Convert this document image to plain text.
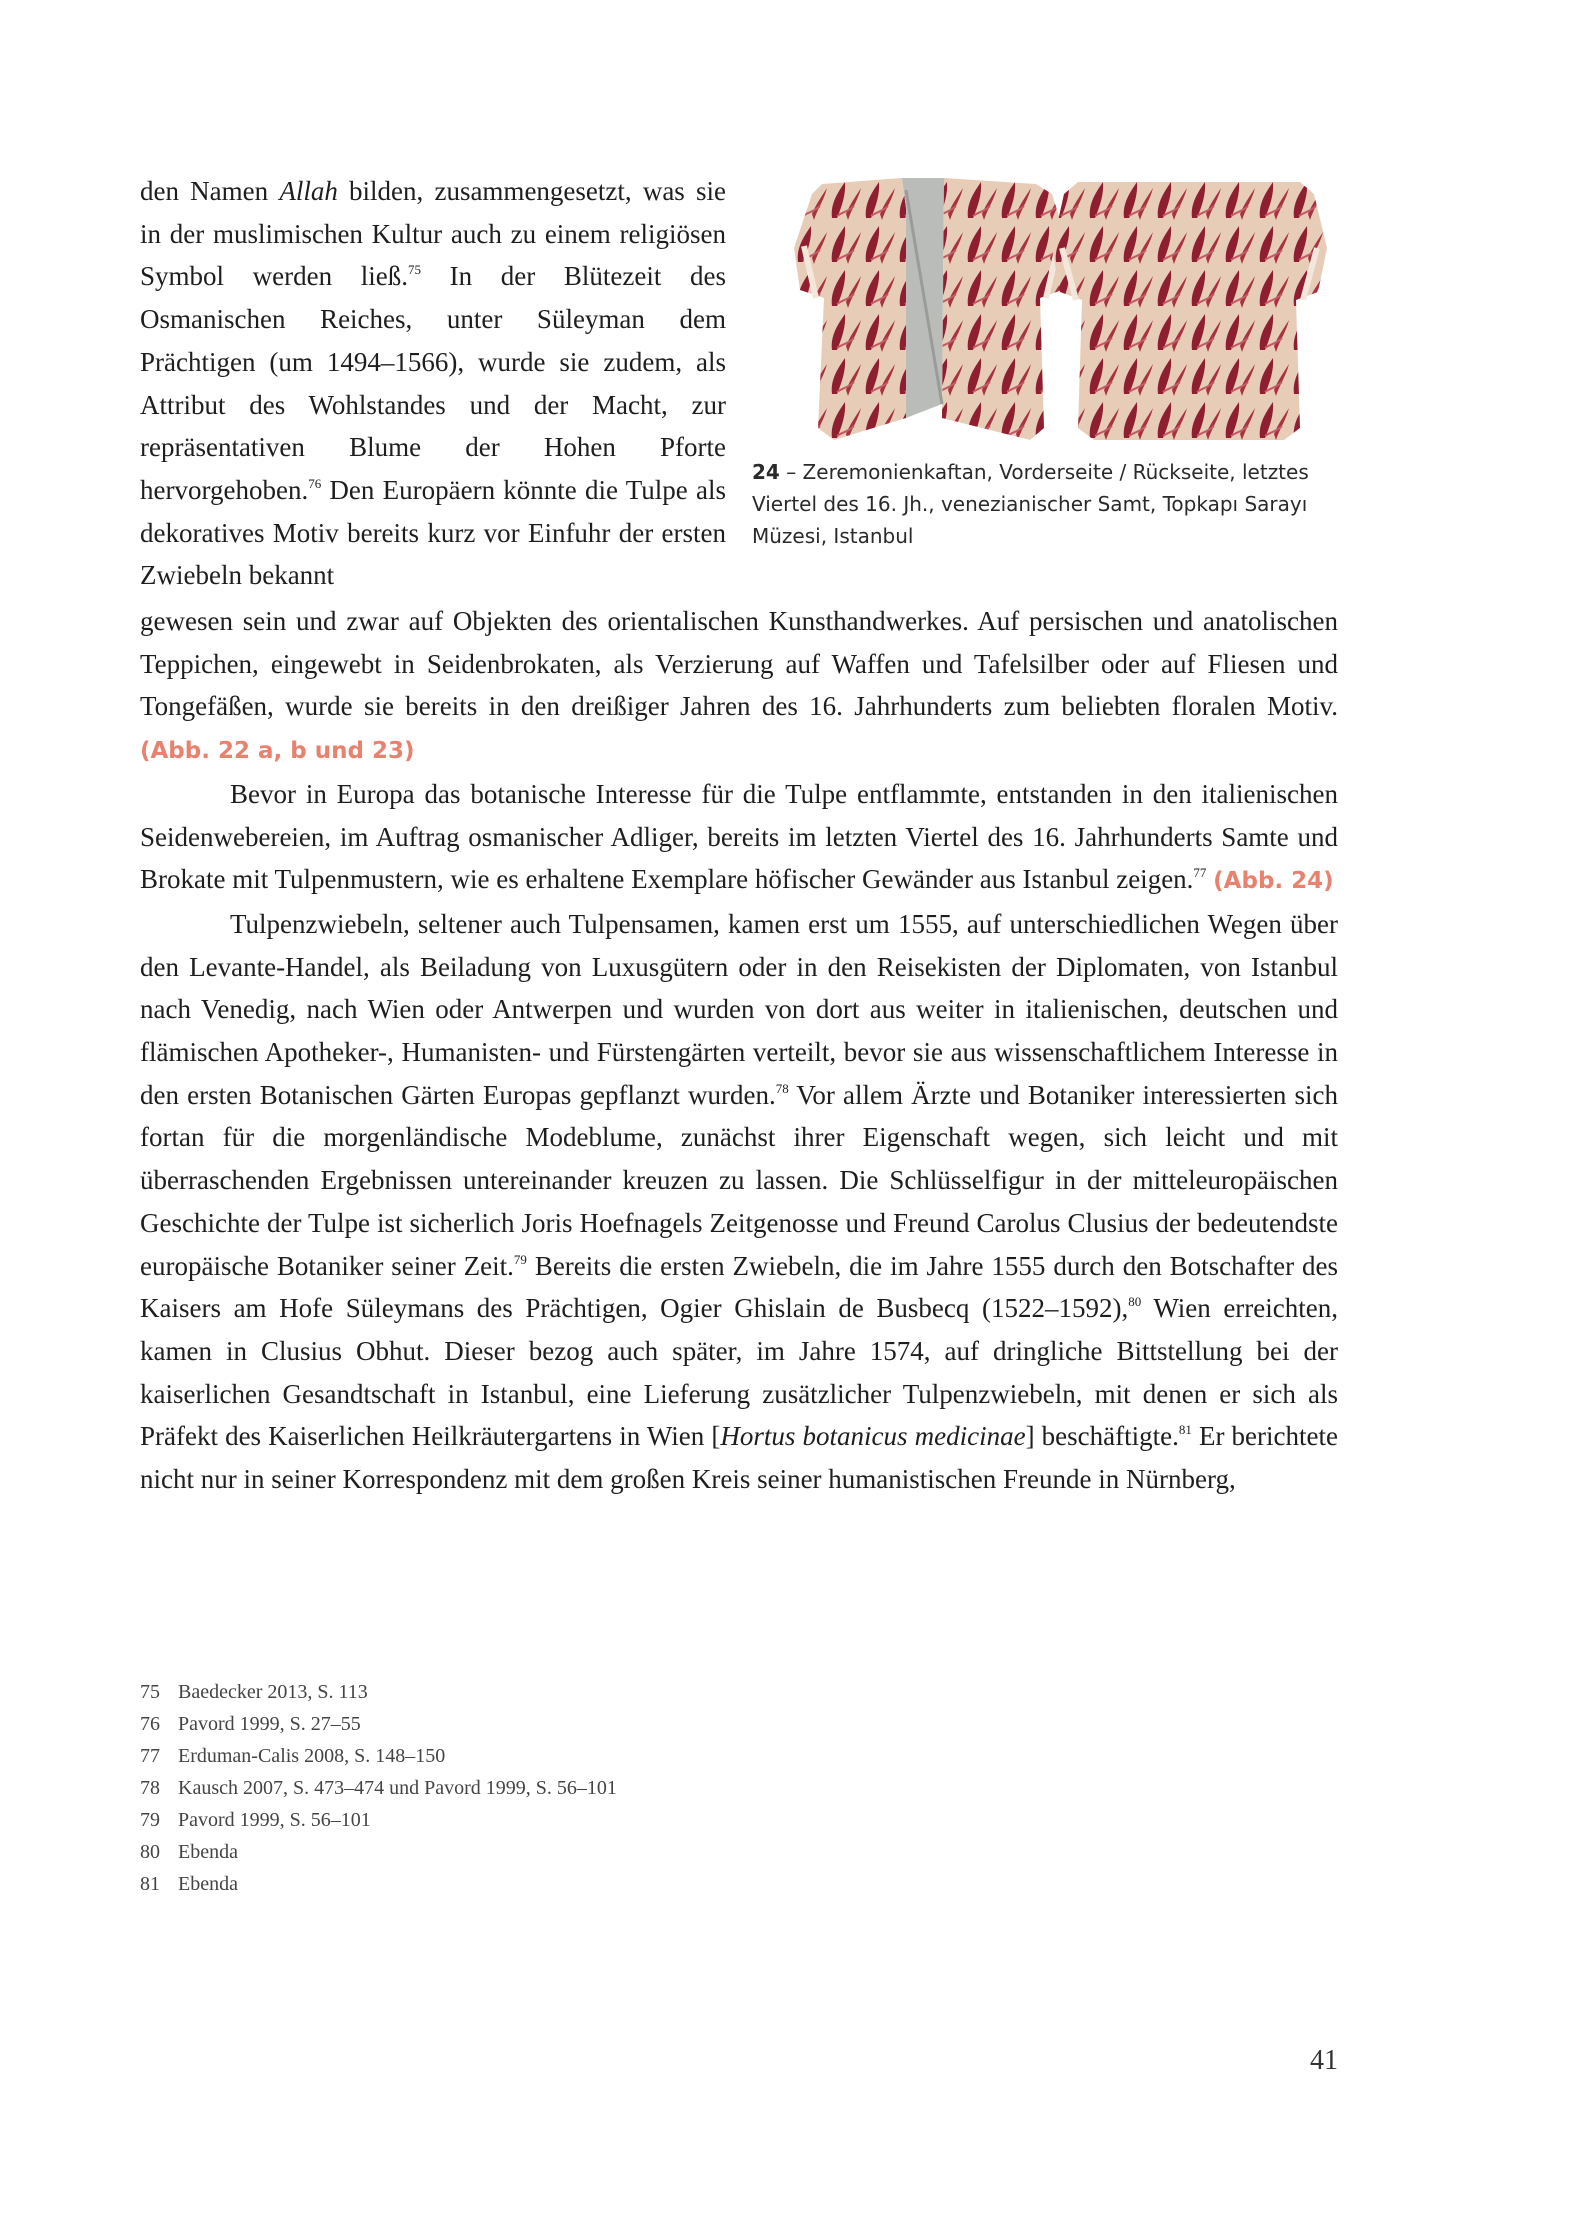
24 – Zeremonienkaftan, Vorderseite / Rückseite, letztes Viertel des 16. Jh., venezianischer Samt, Topkapı Sarayı Müzesi, Istanbul

den Namen Allah bilden, zusammengesetzt, was sie in der muslimischen Kultur auch zu einem religiösen Symbol werden ließ.$^{75}$ In der Blütezeit des Osmanischen Reiches, unter Süleyman dem Prächtigen (um 1494–1566), wurde sie zudem, als Attribut des Wohlstandes und der Macht, zur repräsentativen Blume der Hohen Pforte hervorgehoben.$^{76}$ Den Europäern könnte die Tulpe als dekoratives Motiv bereits kurz vor Einfuhr der ersten Zwiebeln bekannt

gewesen sein und zwar auf Objekten des orientalischen Kunsthandwerkes. Auf persischen und anatolischen Teppichen, eingewebt in Seidenbrokaten, als Verzierung auf Waffen und Tafelsilber oder auf Fliesen und Tongefäßen, wurde sie bereits in den dreißiger Jahren des 16. Jahrhunderts zum beliebten floralen Motiv. (Abb. 22 a, b und 23)

Bevor in Europa das botanische Interesse für die Tulpe entflammte, entstanden in den italienischen Seidenwebereien, im Auftrag osmanischer Adliger, bereits im letzten Viertel des 16. Jahrhunderts Samte und Brokate mit Tulpenmustern, wie es erhaltene Exemplare höfischer Gewänder aus Istanbul zeigen.$^{77}$ (Abb. 24)

Tulpenzwiebeln, seltener auch Tulpensamen, kamen erst um 1555, auf unterschiedlichen Wegen über den Levante-Handel, als Beiladung von Luxusgütern oder in den Reisekisten der Diplomaten, von Istanbul nach Venedig, nach Wien oder Antwerpen und wurden von dort aus weiter in italienischen, deutschen und flämischen Apotheker-, Humanisten- und Fürstengärten verteilt, bevor sie aus wissenschaftlichem Interesse in den ersten Botanischen Gärten Europas gepflanzt wurden.$^{78}$ Vor allem Ärzte und Botaniker interessierten sich fortan für die morgenländische Modeblume, zunächst ihrer Eigenschaft wegen, sich leicht und mit überraschenden Ergebnissen untereinander kreuzen zu lassen. Die Schlüsselfigur in der mitteleuropäischen Geschichte der Tulpe ist sicherlich Joris Hoefnagels Zeitgenosse und Freund Carolus Clusius der bedeutendste europäische Botaniker seiner Zeit.$^{79}$ Bereits die ersten Zwiebeln, die im Jahre 1555 durch den Botschafter des Kaisers am Hofe Süleymans des Prächtigen, Ogier Ghislain de Busbecq (1522–1592),$^{80}$ Wien erreichten, kamen in Clusius Obhut. Dieser bezog auch später, im Jahre 1574, auf dringliche Bittstellung bei der kaiserlichen Gesandtschaft in Istanbul, eine Lieferung zusätzlicher Tulpenzwiebeln, mit denen er sich als Präfekt des Kaiserlichen Heilkräutergartens in Wien [Hortus botanicus medicinae] beschäftigte.$^{81}$ Er berichtete nicht nur in seiner Korrespondenz mit dem großen Kreis seiner humanistischen Freunde in Nürnberg,

75 Baedecker 2013, S. 113
76 Pavord 1999, S. 27–55
77 Erduman-Calis 2008, S. 148–150
78 Kausch 2007, S. 473–474 und Pavord 1999, S. 56–101
79 Pavord 1999, S. 56–101
80 Ebenda
81 Ebenda
41
